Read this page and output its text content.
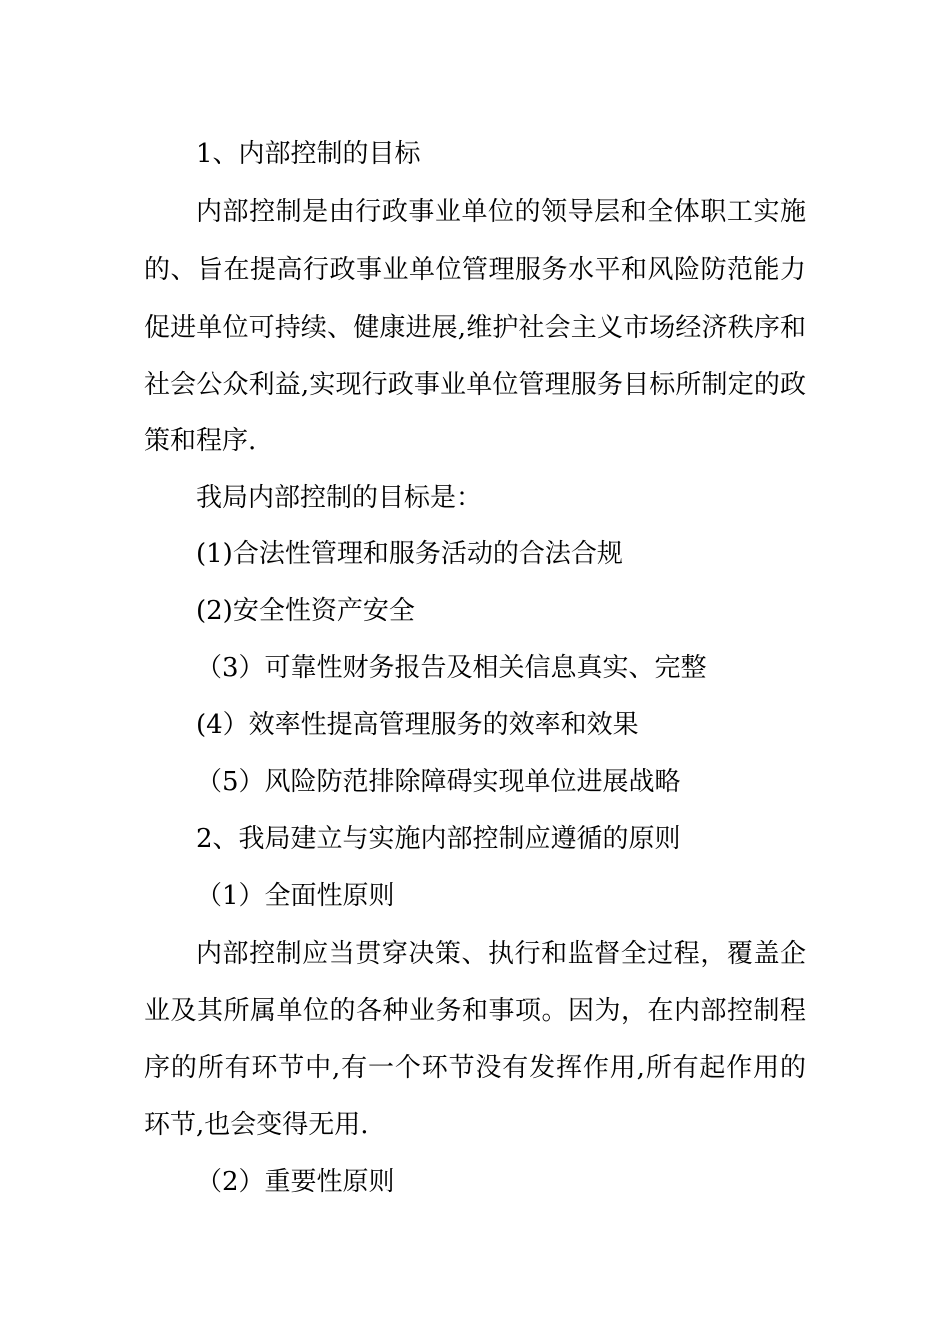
1、内部控制的目标

内部控制是由行政事业单位的领导层和全体职工实施

的、旨在提高行政事业单位管理服务水平和风险防范能力

促进单位可持续、健康进展,维护社会主义市场经济秩序和

社会公众利益,实现行政事业单位管理服务目标所制定的政

策和程序.

我局内部控制的目标是：

(1)合法性管理和服务活动的合法合规

(2)安全性资产安全

（3）可靠性财务报告及相关信息真实、完整

(4）效率性提高管理服务的效率和效果

（5）风险防范排除障碍实现单位进展战略

2、我局建立与实施内部控制应遵循的原则

（1）全面性原则

内部控制应当贯穿决策、执行和监督全过程，覆盖企

业及其所属单位的各种业务和事项。因为，在内部控制程

序的所有环节中,有一个环节没有发挥作用,所有起作用的

环节,也会变得无用.

（2）重要性原则
